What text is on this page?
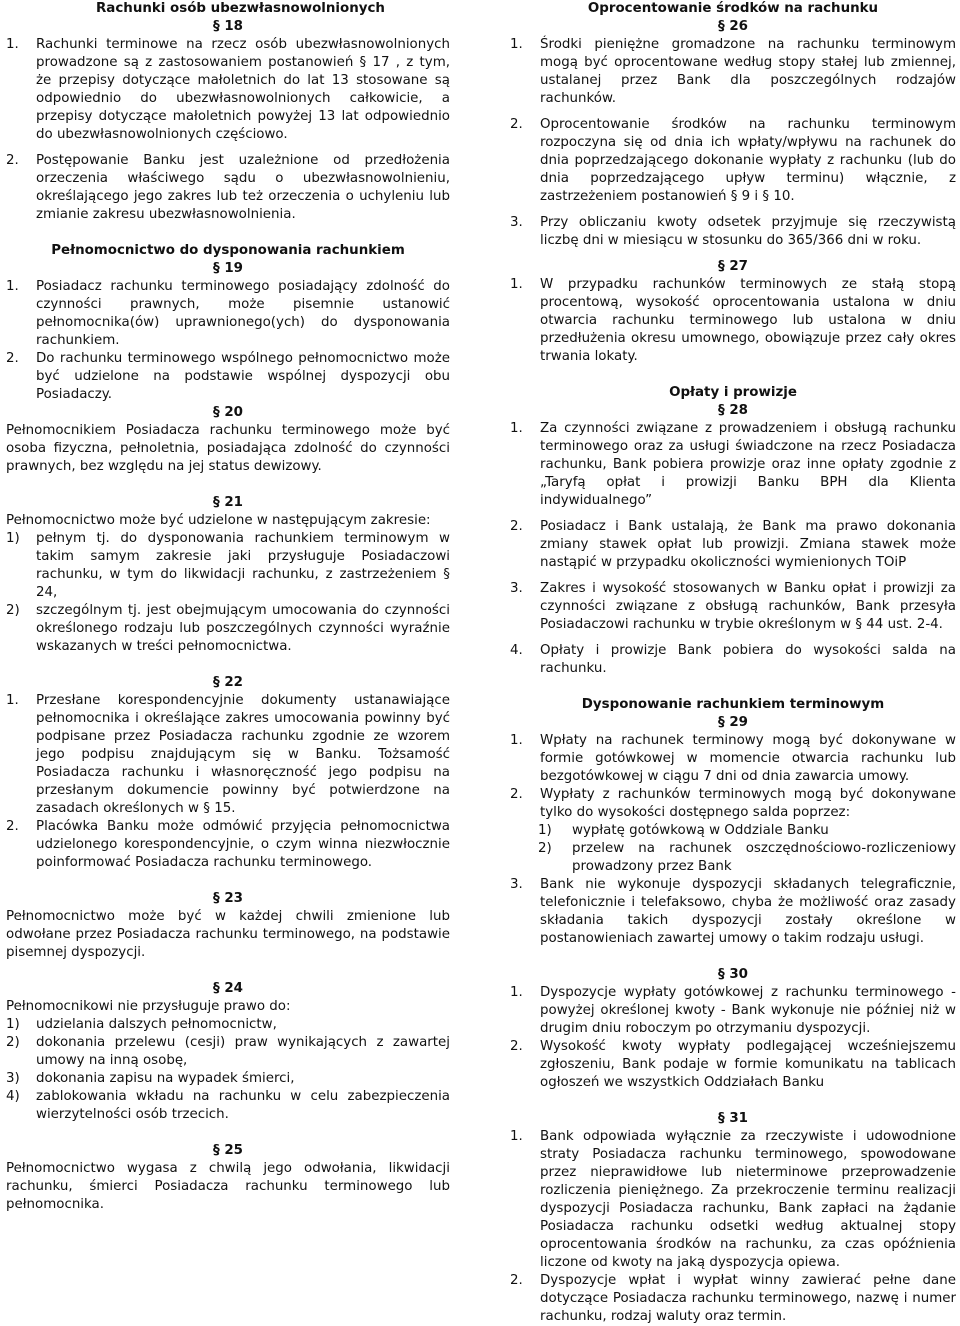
Rachunki osób ubezwłasnowolnionych
§ 18
1.	Rachunki terminowe na rzecz osób ubezwłasnowolnionych prowadzone są z zastosowaniem postanowień § 17 , z tym, że przepisy dotyczące małoletnich do lat 13 stosowane są odpowiednio do ubezwłasnowolnionych całkowicie, a przepisy dotyczące małoletnich powyżej 13 lat odpowiednio do ubezwłasnowolnionych częściowo.
2.	Postępowanie Banku jest uzależnione od przedłożenia orzeczenia właściwego sądu o ubezwłasnowolnieniu, określającego jego zakres lub też orzeczenia o uchyleniu lub zmianie zakresu ubezwłasnowolnienia.
Pełnomocnictwo do dysponowania rachunkiem
§ 19
1.	Posiadacz rachunku terminowego posiadający zdolność do czynności prawnych, może pisemnie ustanowić pełnomocnika(ów) uprawnionego(ych) do dysponowania rachunkiem.
2.	Do rachunku terminowego wspólnego pełnomocnictwo może być udzielone na podstawie wspólnej dyspozycji obu Posiadaczy.
§ 20

Pełnomocnikiem Posiadacza rachunku terminowego może być osoba fizyczna, pełnoletnia, posiadająca zdolność do czynności prawnych, bez względu na jej status dewizowy.

§ 21

Pełnomocnictwo może być udzielone w następującym zakresie:

1)	pełnym tj. do dysponowania rachunkiem terminowym w takim samym zakresie jaki przysługuje Posiadaczowi rachunku, w tym do likwidacji rachunku, z zastrzeżeniem § 24,
2)	szczególnym tj. jest obejmującym umocowania do czynności określonego rodzaju lub poszczególnych czynności wyraźnie wskazanych w treści pełnomocnictwa.
§ 22
1.	Przesłane korespondencyjnie dokumenty ustanawiające pełnomocnika i określające zakres umocowania powinny być podpisane przez Posiadacza rachunku zgodnie ze wzorem jego podpisu znajdującym się w Banku. Tożsamość Posiadacza rachunku i własnoręczność jego podpisu na przesłanym dokumencie powinny być potwierdzone na zasadach określonych w § 15.
2.	Placówka Banku może odmówić przyjęcia pełnomocnictwa udzielonego korespondencyjnie, o czym winna niezwłocznie poinformować Posiadacza rachunku terminowego.
§ 23

Pełnomocnictwo może być w każdej chwili zmienione lub odwołane przez Posiadacza rachunku terminowego, na podstawie pisemnej dyspozycji.

§ 24

Pełnomocnikowi nie przysługuje prawo do:

1)	udzielania dalszych pełnomocnictw,
2)	dokonania przelewu (cesji) praw wynikających z zawartej umowy na inną osobę,
3)	dokonania zapisu na wypadek śmierci,
4)	zablokowania wkładu na rachunku w celu zabezpieczenia wierzytelności osób trzecich.
§ 25

Pełnomocnictwo wygasa z chwilą jego odwołania, likwidacji rachunku, śmierci Posiadacza rachunku terminowego lub pełnomocnika.

Oprocentowanie środków na rachunku
§ 26
1.	Środki pieniężne gromadzone na rachunku terminowym mogą być oprocentowane według stopy stałej lub zmiennej, ustalanej przez Bank dla poszczególnych rodzajów rachunków.
2.	Oprocentowanie środków na rachunku terminowym rozpoczyna się od dnia ich wpłaty/wpływu na rachunek do dnia poprzedzającego dokonanie wypłaty z rachunku (lub do dnia poprzedzającego upływ terminu) włącznie, z zastrzeżeniem postanowień § 9 i § 10.
3.	Przy obliczaniu kwoty odsetek przyjmuje się rzeczywistą liczbę dni w miesiącu w stosunku do 365/366 dni w roku.
§ 27
1.	W przypadku rachunków terminowych ze stałą stopą procentową, wysokość oprocentowania ustalona w dniu otwarcia rachunku terminowego lub ustalona w dniu przedłużenia okresu umownego, obowiązuje przez cały okres trwania lokaty.
Opłaty i prowizje
§ 28
1.	Za czynności związane z prowadzeniem i obsługą rachunku terminowego oraz za usługi świadczone na rzecz Posiadacza rachunku, Bank pobiera prowizje oraz inne opłaty zgodnie z „Taryfą opłat i prowizji Banku BPH dla Klienta indywidualnego”
2.	Posiadacz i Bank ustalają, że Bank ma prawo dokonania zmiany stawek opłat lub prowizji. Zmiana stawek może nastąpić w przypadku okoliczności wymienionych TOiP
3.	Zakres i wysokość stosowanych w Banku opłat i prowizji za czynności związane z obsługą rachunków, Bank przesyła Posiadaczowi rachunku w trybie określonym w § 44 ust. 2-4.
4.	Opłaty i prowizje Bank pobiera do wysokości salda na rachunku.
Dysponowanie rachunkiem terminowym
§ 29
1.	Wpłaty na rachunek terminowy mogą być dokonywane w formie gotówkowej w momencie otwarcia rachunku lub bezgotówkowej w ciągu 7 dni od dnia zawarcia umowy.
2.	Wypłaty z rachunków terminowych mogą być dokonywane tylko do wysokości dostępnego salda poprzez:
1)	wypłatę gotówkową w Oddziale Banku
2)	przelew na rachunek oszczędnościowo-rozliczeniowy prowadzony przez Bank
3.	Bank nie wykonuje dyspozycji składanych telegraficznie, telefonicznie i telefaksowo, chyba że możliwość oraz zasady składania takich dyspozycji zostały określone w postanowieniach zawartej umowy o takim rodzaju usługi.
§ 30
1.	Dyspozycje wypłaty gotówkowej z rachunku terminowego - powyżej określonej kwoty - Bank wykonuje nie później niż w drugim dniu roboczym po otrzymaniu dyspozycji.
2.	Wysokość kwoty wypłaty podlegającej wcześniejszemu zgłoszeniu, Bank podaje w formie komunikatu na tablicach ogłoszeń we wszystkich Oddziałach Banku
§ 31
1.	Bank odpowiada wyłącznie za rzeczywiste i udowodnione straty Posiadacza rachunku terminowego, spowodowane przez nieprawidłowe lub nieterminowe przeprowadzenie rozliczenia pieniężnego. Za przekroczenie terminu realizacji dyspozycji Posiadacza rachunku, Bank zapłaci na żądanie Posiadacza rachunku odsetki według aktualnej stopy oprocentowania środków na rachunku, za czas opóźnienia liczone od kwoty na jaką dyspozycja opiewa.
2.	Dyspozycje wpłat i wypłat winny zawierać pełne dane dotyczące Posiadacza rachunku terminowego, nazwę i numer rachunku, rodzaj waluty oraz termin.
